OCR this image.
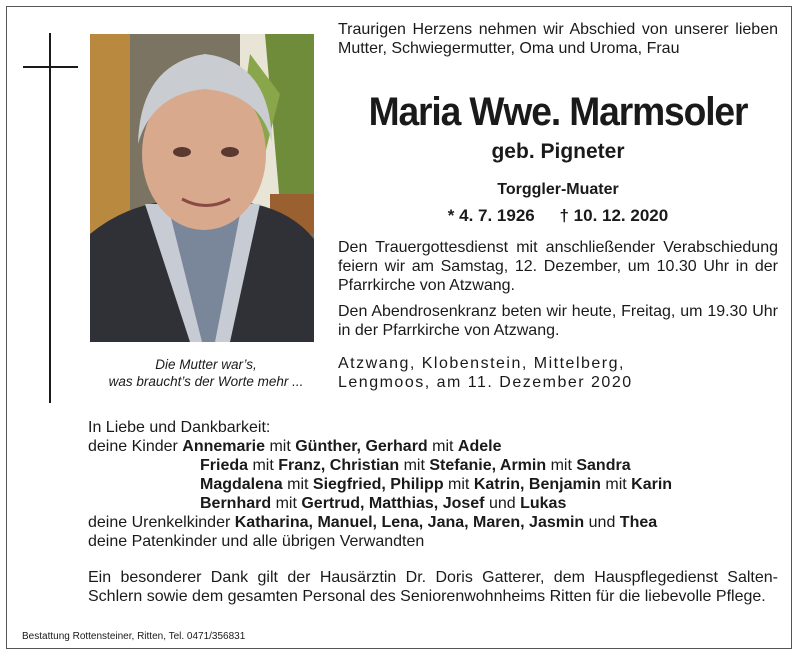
Die Mutter war’s,
was braucht’s der Worte mehr ...
Traurigen Herzens nehmen wir Abschied von unserer lieben Mutter, Schwiegermutter, Oma und Uroma, Frau
Maria Wwe. Marmsoler
geb. Pigneter
Torggler-Muater
* 4. 7. 1926 † 10. 12. 2020
Den Trauergottesdienst mit anschließender Verabschiedung feiern wir am Samstag, 12. Dezember, um 10.30 Uhr in der Pfarrkirche von Atzwang.
Den Abendrosenkranz beten wir heute, Freitag, um 19.30 Uhr in der Pfarrkirche von Atzwang.
Atzwang, Klobenstein, Mittelberg,
Lengmoos, am 11. Dezember 2020
In Liebe und Dankbarkeit:
deine Kinder Annemarie mit Günther, Gerhard mit Adele
Frieda mit Franz, Christian mit Stefanie, Armin mit Sandra
Magdalena mit Siegfried, Philipp mit Katrin, Benjamin mit Karin
Bernhard mit Gertrud, Matthias, Josef und Lukas
deine Urenkelkinder Katharina, Manuel, Lena, Jana, Maren, Jasmin und Thea
deine Patenkinder und alle übrigen Verwandten
Ein besonderer Dank gilt der Hausärztin Dr. Doris Gatterer, dem Hauspflegedienst Salten-Schlern sowie dem gesamten Personal des Seniorenwohnheims Ritten für die liebevolle Pflege.
Bestattung Rottensteiner, Ritten, Tel. 0471/356831
